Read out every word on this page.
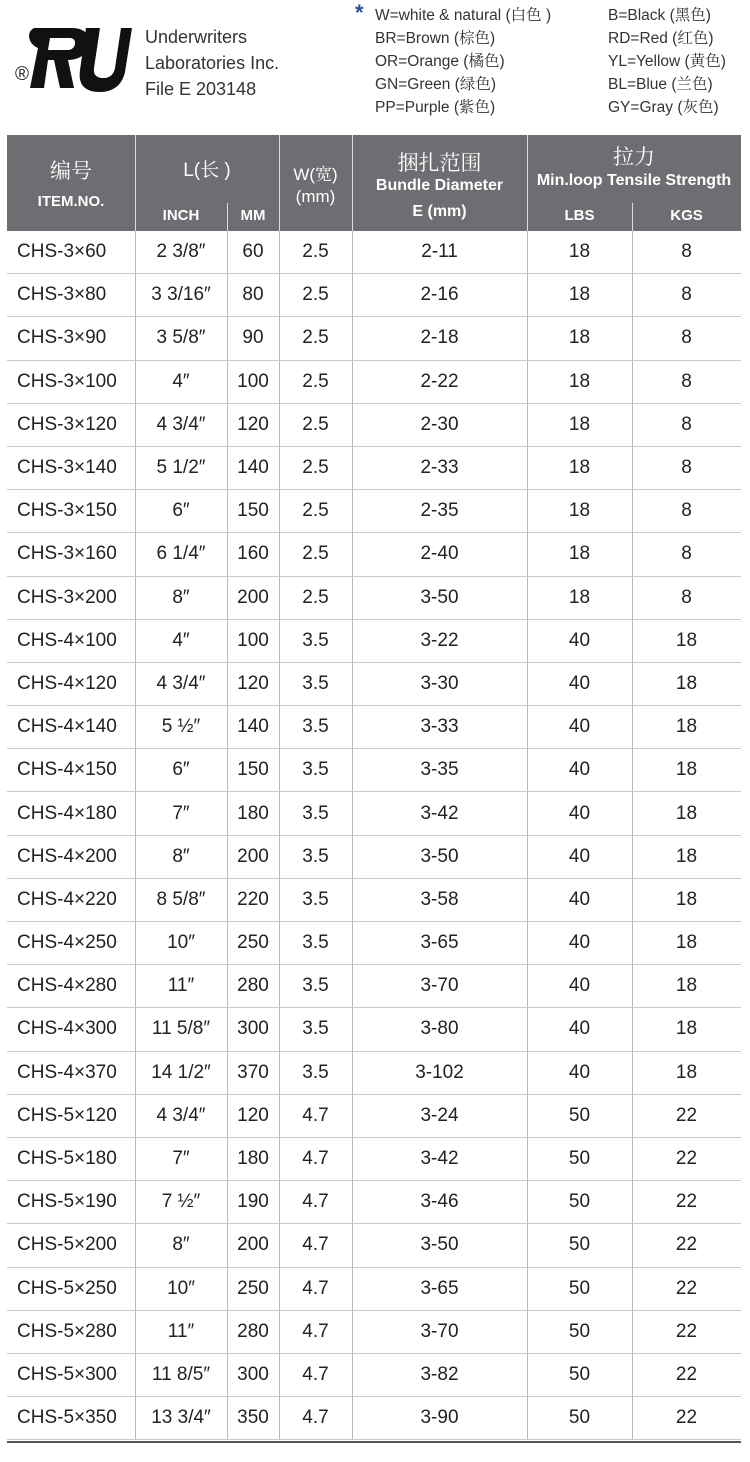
®
Underwriters
Laboratories Inc.
File E 203148
* W=white & natural (白色 )	B=Black (黑色)
BR=Brown (棕色)	RD=Red (红色)
OR=Orange (橘色)	YL=Yellow (黄色)
GN=Green (绿色)	BL=Blue (兰色)
PP=Purple (紫色)	GY=Gray (灰色)
编号
ITEM.NO.
L(长 )
INCH	MM
W(宽)
(mm)
捆扎范围
Bundle Diameter
E (mm)
拉力
Min.loop Tensile Strength
LBS	KGS
CHS-3×60	2 3/8″	60	2.5	2-11	18	8
CHS-3×80	3 3/16″	80	2.5	2-16	18	8
CHS-3×90	3 5/8″	90	2.5	2-18	18	8
CHS-3×100	4″	100	2.5	2-22	18	8
CHS-3×120	4 3/4″	120	2.5	2-30	18	8
CHS-3×140	5 1/2″	140	2.5	2-33	18	8
CHS-3×150	6″	150	2.5	2-35	18	8
CHS-3×160	6 1/4″	160	2.5	2-40	18	8
CHS-3×200	8″	200	2.5	3-50	18	8
CHS-4×100	4″	100	3.5	3-22	40	18
CHS-4×120	4 3/4″	120	3.5	3-30	40	18
CHS-4×140	5 ½″	140	3.5	3-33	40	18
CHS-4×150	6″	150	3.5	3-35	40	18
CHS-4×180	7″	180	3.5	3-42	40	18
CHS-4×200	8″	200	3.5	3-50	40	18
CHS-4×220	8 5/8″	220	3.5	3-58	40	18
CHS-4×250	10″	250	3.5	3-65	40	18
CHS-4×280	11″	280	3.5	3-70	40	18
CHS-4×300	11 5/8″	300	3.5	3-80	40	18
CHS-4×370	14 1/2″	370	3.5	3-102	40	18
CHS-5×120	4 3/4″	120	4.7	3-24	50	22
CHS-5×180	7″	180	4.7	3-42	50	22
CHS-5×190	7 ½″	190	4.7	3-46	50	22
CHS-5×200	8″	200	4.7	3-50	50	22
CHS-5×250	10″	250	4.7	3-65	50	22
CHS-5×280	11″	280	4.7	3-70	50	22
CHS-5×300	11 8/5″	300	4.7	3-82	50	22
CHS-5×350	13 3/4″	350	4.7	3-90	50	22
